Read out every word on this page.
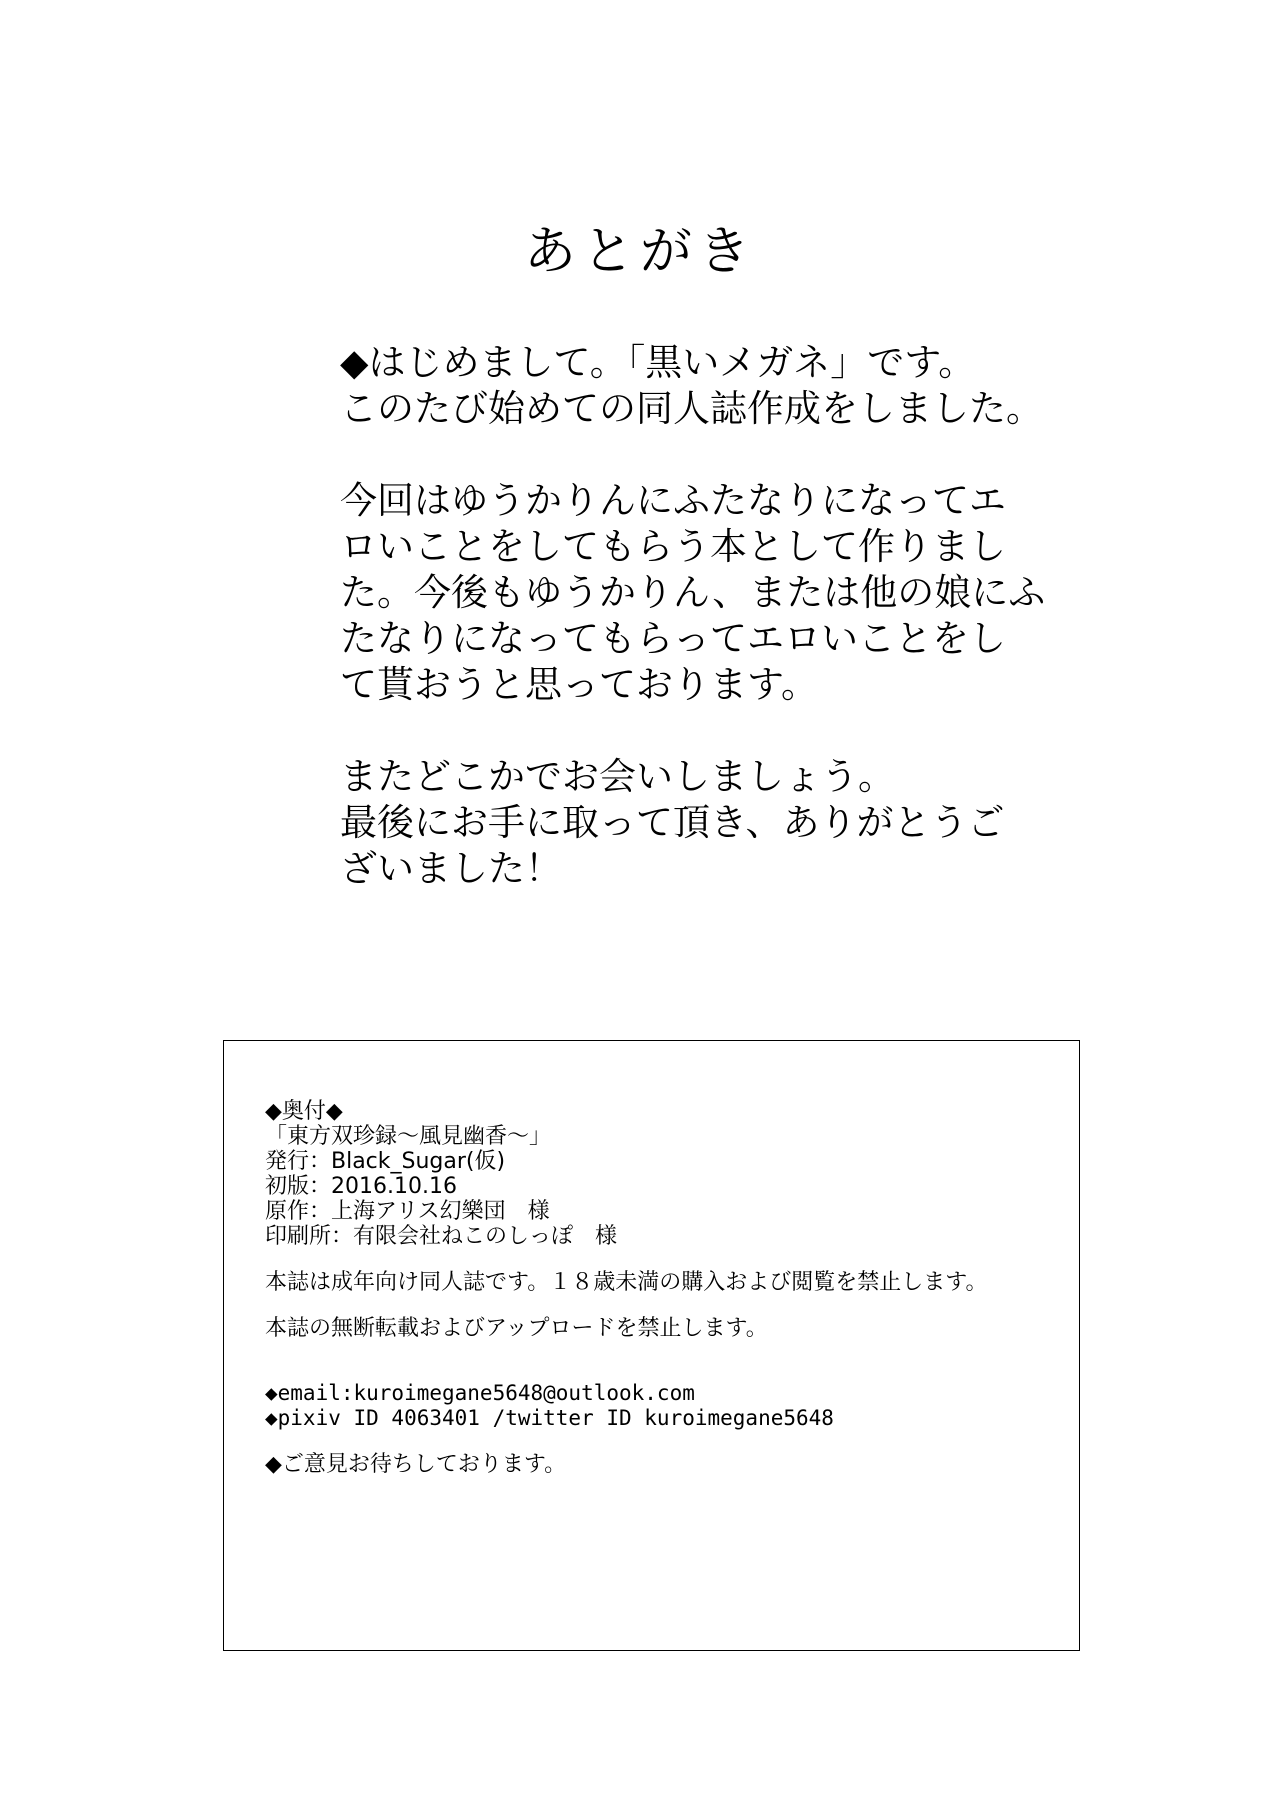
あとがき

◆はじめまして。「黒いメガネ」です。
このたび始めての同人誌作成をしました。

今回はゆうかりんにふたなりになってエ
ロいことをしてもらう本として作りまし
た。今後もゆうかりん、または他の娘にふ
たなりになってもらってエロいことをし
て貰おうと思っております。

またどこかでお会いしましょう。
最後にお手に取って頂き、ありがとうご
ざいました！

◆奥付◆
「東方双珍録～風見幽香～」
発行：Black_Sugar(仮)
初版：2016.10.16
原作：上海アリス幻樂団　様
印刷所：有限会社ねこのしっぽ　様
本誌は成年向け同人誌です。１８歳未満の購入および閲覧を禁止します。
本誌の無断転載およびアップロードを禁止します。
◆email:kuroimegane5648@outlook.com
◆pixiv ID 4063401 /twitter ID kuroimegane5648
◆ご意見お待ちしております。
